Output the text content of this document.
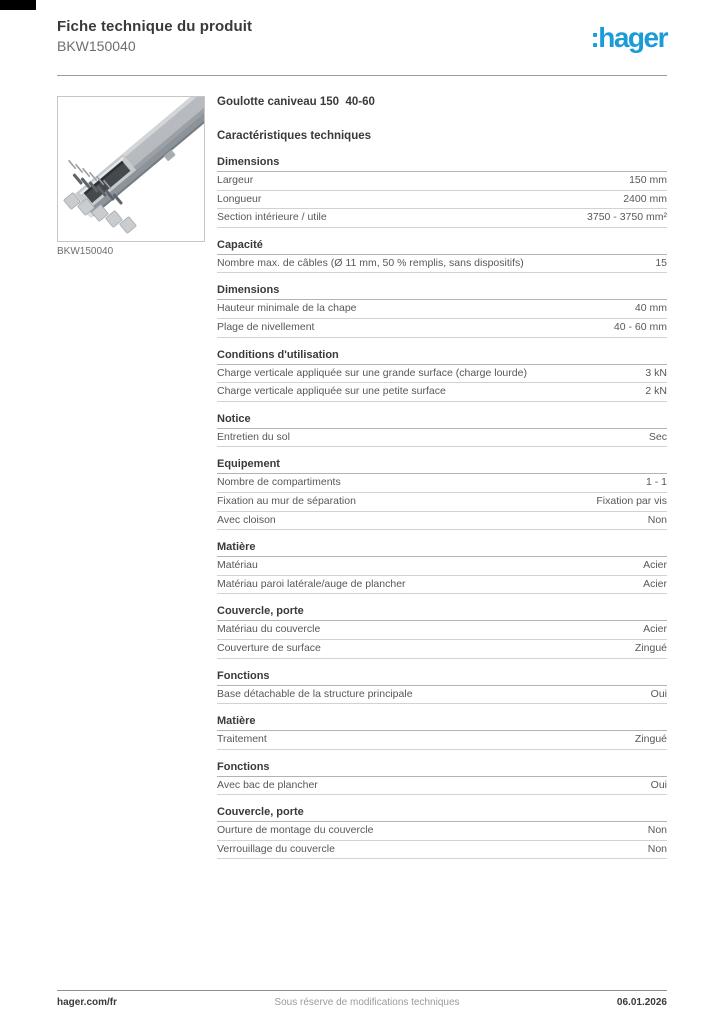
Fiche technique du produit
BKW150040	:hager
BKW150040
Goulotte caniveau 150  40-60
Caractéristiques techniques
Dimensions
Largeur	150 mm
Longueur	2400 mm
Section intérieure / utile	3750 - 3750 mm²
Capacité
Nombre max. de câbles (Ø 11 mm, 50 % remplis, sans dispositifs)	15
Dimensions
Hauteur minimale de la chape	40 mm
Plage de nivellement	40 - 60 mm
Conditions d'utilisation
Charge verticale appliquée sur une grande surface (charge lourde)	3 kN
Charge verticale appliquée sur une petite surface	2 kN
Notice
Entretien du sol	Sec
Equipement
Nombre de compartiments	1 - 1
Fixation au mur de séparation	Fixation par vis
Avec cloison	Non
Matière
Matériau	Acier
Matériau paroi latérale/auge de plancher	Acier
Couvercle, porte
Matériau du couvercle	Acier
Couverture de surface	Zingué
Fonctions
Base détachable de la structure principale	Oui
Matière
Traitement	Zingué
Fonctions
Avec bac de plancher	Oui
Couvercle, porte
Ourture de montage du couvercle	Non
Verrouillage du couvercle	Non
hager.com/fr	Sous réserve de modifications techniques	06.01.2026
